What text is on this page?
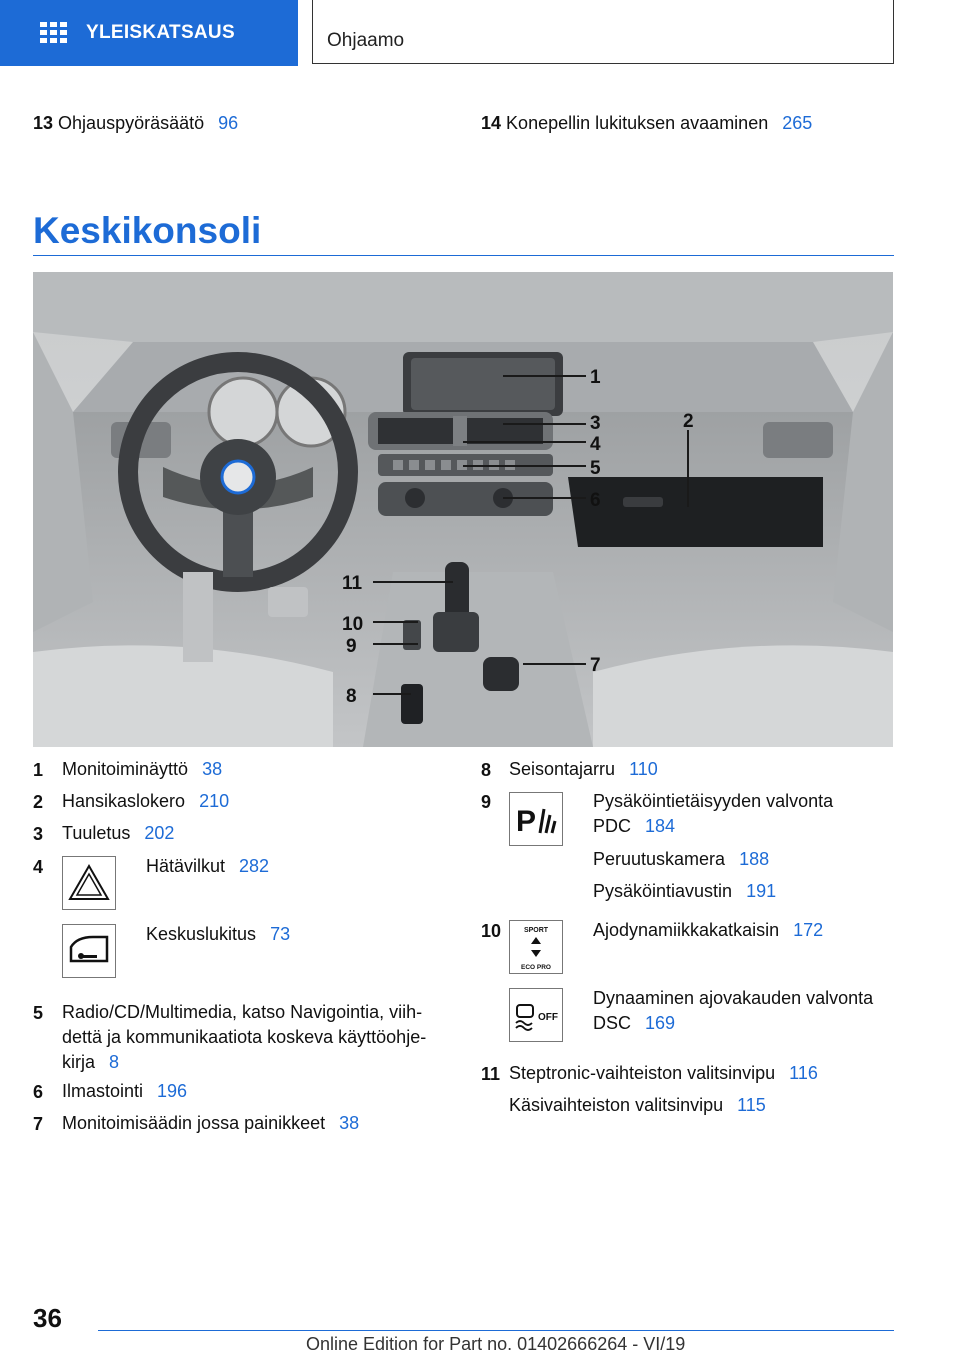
YLEISKATSAUS	Ohjaamo
13 Ohjauspyöräsäätö 96	14 Konepellin lukituksen avaaminen 265
Keskikonsoli
1
2
3
4
5
6
7
8
9
10
11
1 Monitoiminäyttö 38
2 Hansikaslokero 210
3 Tuuletus 202
4	Hätävilkut 282
Keskuslukitus 73
5 Radio/CD/Multimedia, katso Navigointia, viih-
dettä ja kommunikaatiota koskeva käyttöohje-
kirja 8
6 Ilmastointi 196
7 Monitoimisäädin jossa painikkeet 38
8 Seisontajarru 110
9
P
Pysäköintietäisyyden valvonta
PDC 184
Peruutuskamera 188
Pysäköintiavustin 191
10	SPORT
ECO PRO
Ajodynamiikkakatkaisin 172
OFF
Dynaaminen ajovakauden valvonta
DSC 169
11 Steptronic-vaihteiston valitsinvipu 116
Käsivaihteiston valitsinvipu 115
36
Online Edition for Part no. 01402666264 - VI/19
